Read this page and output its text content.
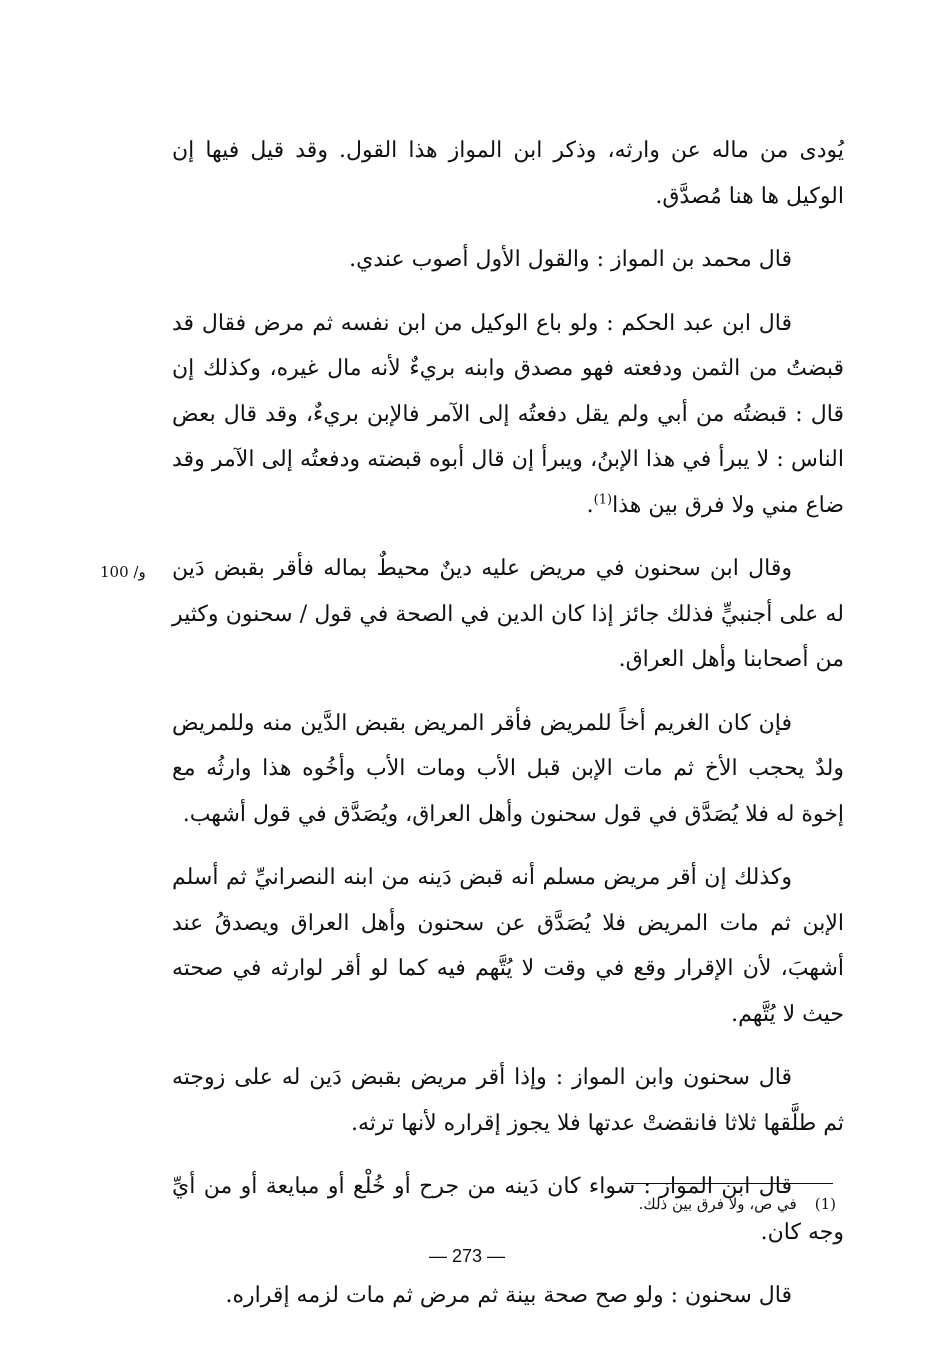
يُودى من ماله عن وارثه، وذكر ابن المواز هذا القول. وقد قيل فيها إن الوكيل ها هنا مُصدَّق.

قال محمد بن المواز : والقول الأول أصوب عندي.

قال ابن عبد الحكم : ولو باع الوكيل من ابن نفسه ثم مرض فقال قد قبضتُ من الثمن ودفعته فهو مصدق وابنه بريءٌ لأنه مال غيره، وكذلك إن قال : قبضتُه من أبي ولم يقل دفعتُه إلى الآمر فالإبن بريءٌ، وقد قال بعض الناس : لا يبرأ في هذا الإبنُ، ويبرأ إن قال أبوه قبضته ودفعتُه إلى الآمر وقد ضاع مني ولا فرق بين هذا$^{(1)}$.

وقال ابن سحنون في مريض عليه دينٌ محيطٌ بماله فأقر بقبض دَين له على أجنبيٍّ فذلك جائز إذا كان الدين في الصحة في قول / سحنون وكثير من أصحابنا وأهل العراق.

فإن كان الغريم أخاً للمريض فأقر المريض بقبض الدَّين منه وللمريض ولدٌ يحجب الأخ ثم مات الإبن قبل الأب ومات الأب وأخُوه هذا وارثُه مع إخوة له فلا يُصَدَّق في قول سحنون وأهل العراق، ويُصَدَّق في قول أشهب.

وكذلك إن أقر مريض مسلم أنه قبض دَينه من ابنه النصرانيِّ ثم أسلم الإبن ثم مات المريض فلا يُصَدَّق عن سحنون وأهل العراق ويصدقُ عند أشهبَ، لأن الإقرار وقع في وقت لا يُتَّهم فيه كما لو أقر لوارثه في صحته حيث لا يُتَّهم.

قال سحنون وابن المواز : وإذا أقر مريض بقبض دَين له على زوجته ثم طلَّقها ثلاثا فانقضتْ عدتها فلا يجوز إقراره لأنها ترثه.

قال ابن المواز : سواء كان دَينه من جرح أو خُلْع أو مبايعة أو من أيِّ وجه كان.

قال سحنون : ولو صح صحة بينة ثم مرض ثم مات لزمه إقراره.

100 /و
(1)في ص، ولا فرق بين ذلك.
— 273 —
